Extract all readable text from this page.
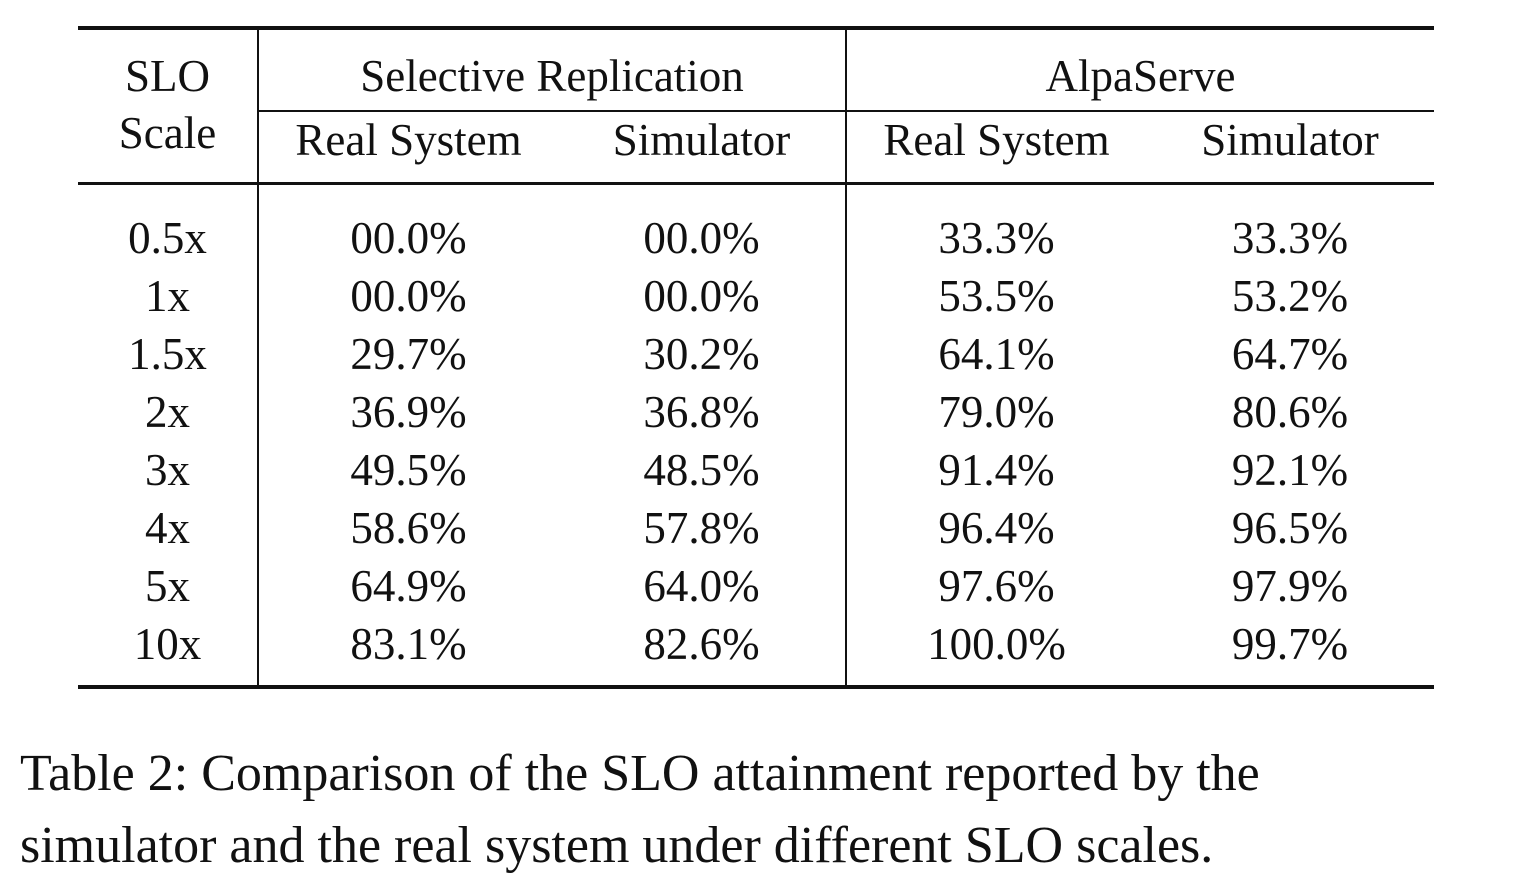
SLO
Scale	Selective Replication		AlpaServe	
	Real System	Simulator	Real System	Simulator
0.5x	00.0%	00.0%	33.3%	33.3%
1x	00.0%	00.0%	53.5%	53.2%
1.5x	29.7%	30.2%	64.1%	64.7%
2x	36.9%	36.8%	79.0%	80.6%
3x	49.5%	48.5%	91.4%	92.1%
4x	58.6%	57.8%	96.4%	96.5%
5x	64.9%	64.0%	97.6%	97.9%
10x	83.1%	82.6%	100.0%	99.7%
Table 2: Comparison of the SLO attainment reported by the
simulator and the real system under different SLO scales.
